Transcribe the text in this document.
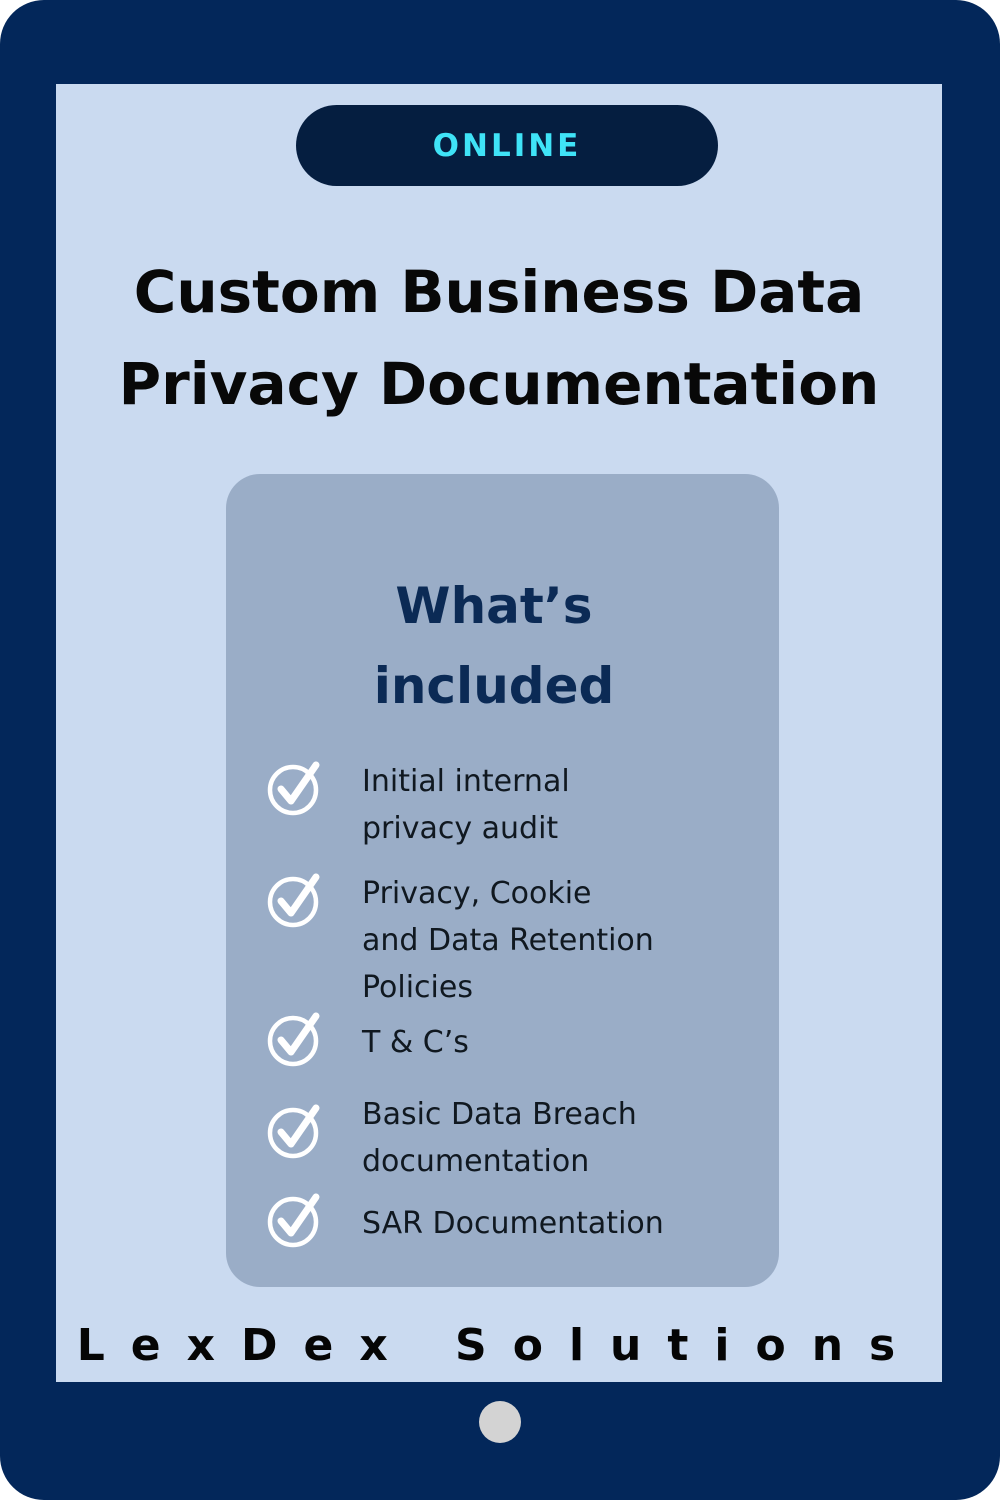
ONLINE
Custom Business Data
Privacy Documentation
What’s
included
Initial internal
privacy audit
Privacy, Cookie
and Data Retention
Policies
T & C’s
Basic Data Breach
documentation
SAR Documentation
LexDex Solutions
